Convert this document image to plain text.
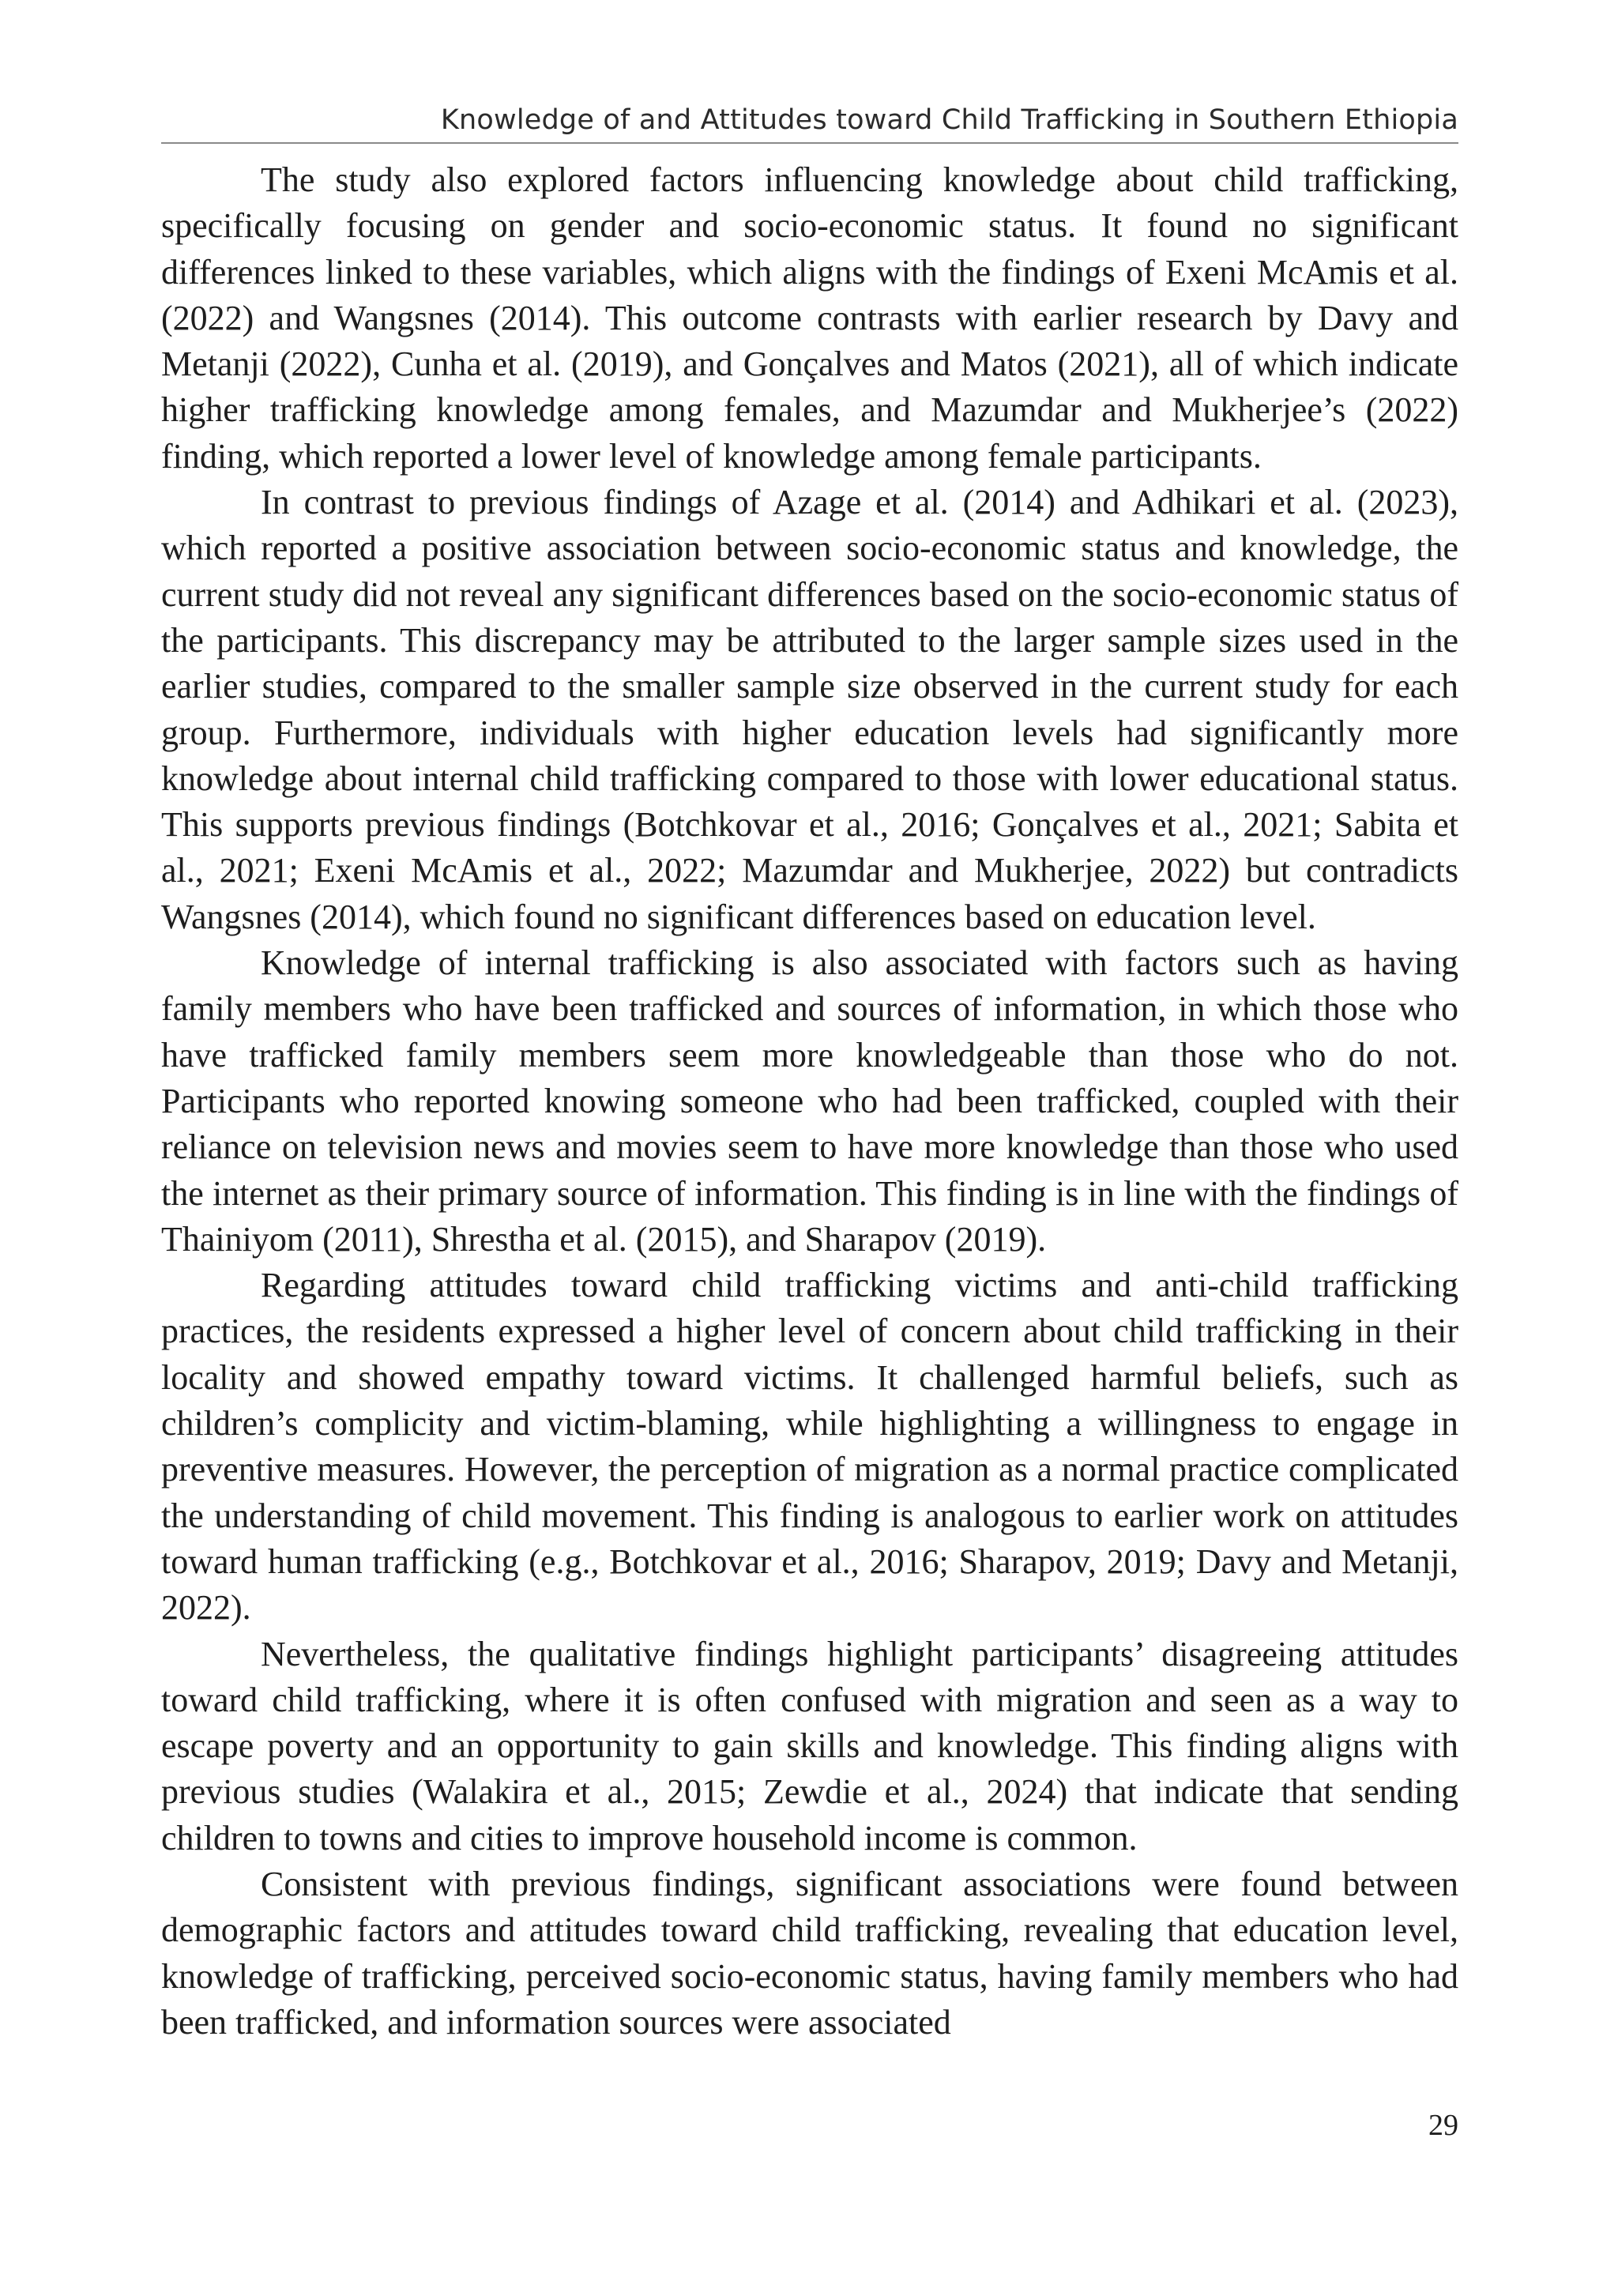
Knowledge of and Attitudes toward Child Trafficking in Southern Ethiopia

The study also explored factors influencing knowledge about child trafficking, specifically focusing on gender and socio-economic status. It found no significant differences linked to these variables, which aligns with the findings of Exeni McAmis et al. (2022) and Wangsnes (2014). This outcome contrasts with earlier research by Davy and Metanji (2022), Cunha et al. (2019), and Gonçalves and Matos (2021), all of which indicate higher trafficking knowledge among females, and Mazumdar and Mukherjee’s (2022) finding, which reported a lower level of knowledge among female participants.

In contrast to previous findings of Azage et al. (2014) and Adhikari et al. (2023), which reported a positive association between socio-economic status and knowledge, the current study did not reveal any significant differences based on the socio-economic status of the participants. This discrepancy may be attributed to the larger sample sizes used in the earlier studies, compared to the smaller sample size observed in the current study for each group. Furthermore, individuals with higher education levels had significantly more knowledge about internal child trafficking compared to those with lower educational status. This supports previous findings (Botchkovar et al., 2016; Gonçalves et al., 2021; Sabita et al., 2021; Exeni McAmis et al., 2022; Mazumdar and Mukherjee, 2022) but contradicts Wangsnes (2014), which found no significant differences based on education level.

Knowledge of internal trafficking is also associated with factors such as having family members who have been trafficked and sources of information, in which those who have trafficked family members seem more knowledgeable than those who do not. Participants who reported knowing someone who had been trafficked, coupled with their reliance on television news and movies seem to have more knowledge than those who used the internet as their primary source of information. This finding is in line with the findings of Thainiyom (2011), Shrestha et al. (2015), and Sharapov (2019).

Regarding attitudes toward child trafficking victims and anti-child trafficking practices, the residents expressed a higher level of concern about child trafficking in their locality and showed empathy toward victims. It challenged harmful beliefs, such as children’s complicity and victim-blaming, while highlighting a willingness to engage in preventive measures. However, the perception of migration as a normal practice complicated the understanding of child movement. This finding is analogous to earlier work on attitudes toward human trafficking (e.g., Botchkovar et al., 2016; Sharapov, 2019; Davy and Metanji, 2022).

Nevertheless, the qualitative findings highlight participants’ disagreeing attitudes toward child trafficking, where it is often confused with migration and seen as a way to escape poverty and an opportunity to gain skills and knowledge. This finding aligns with previous studies (Walakira et al., 2015; Zewdie et al., 2024) that indicate that sending children to towns and cities to improve household income is common.

Consistent with previous findings, significant associations were found between demographic factors and attitudes toward child trafficking, revealing that education level, knowledge of trafficking, perceived socio-economic status, having family members who had been trafficked, and information sources were associated

29
